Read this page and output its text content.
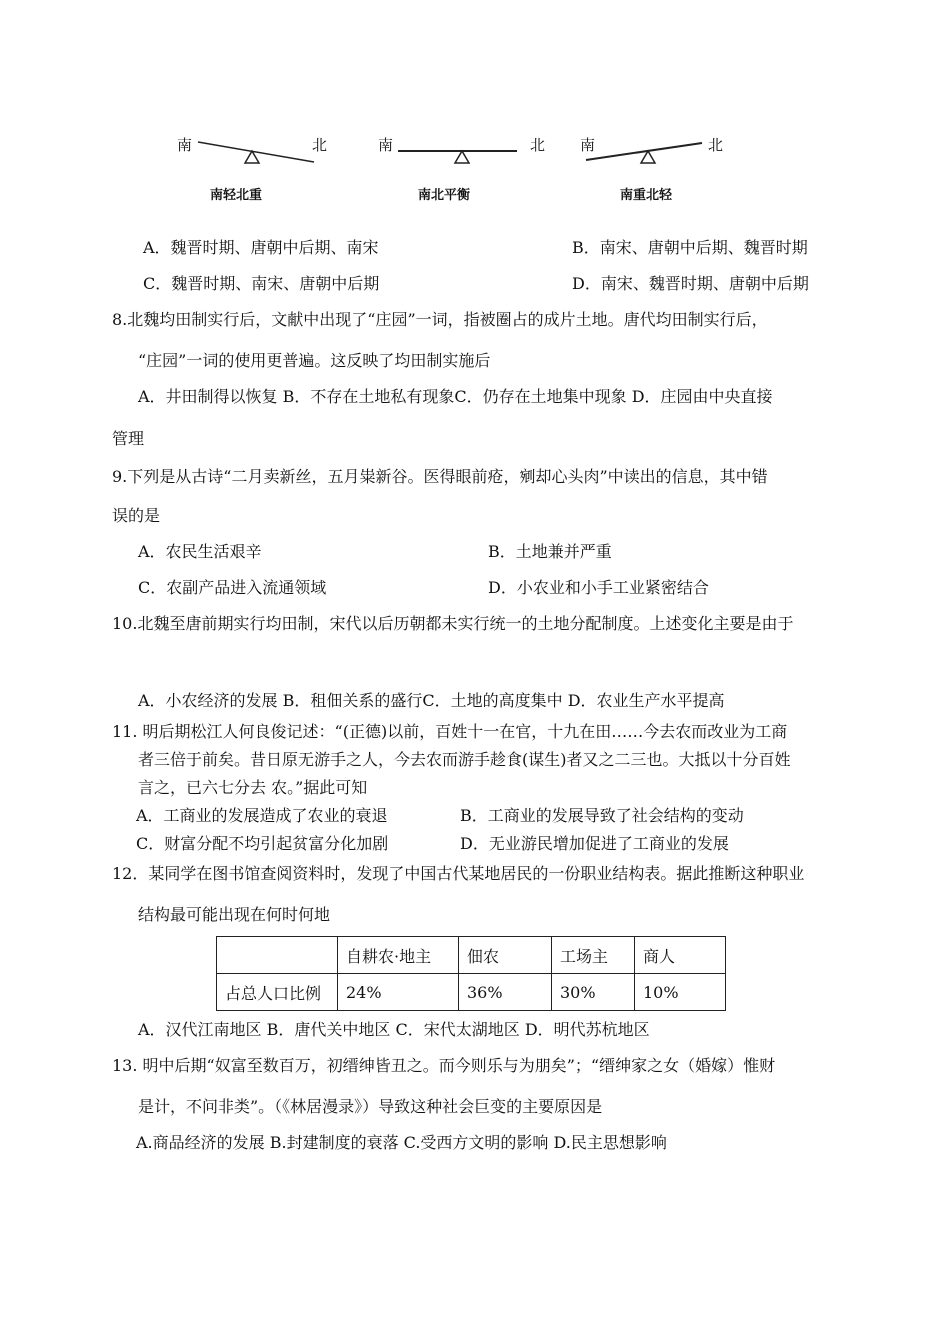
南	北
南轻北重
南	北
南北平衡
南	北
南重北轻
A．魏晋时期、唐朝中后期、南宋	B．南宋、唐朝中后期、魏晋时期
C．魏晋时期、南宋、唐朝中后期	D．南宋、魏晋时期、唐朝中后期
8.北魏均田制实行后，文献中出现了“庄园”一词，指被圈占的成片土地。唐代均田制实行后，
“庄园”一词的使用更普遍。这反映了均田制实施后
A．井田制得以恢复 B．不存在土地私有现象C．仍存在土地集中现象 D．庄园由中央直接
管理
9.下列是从古诗“二月卖新丝，五月粜新谷。医得眼前疮，剜却心头肉”中读出的信息，其中错
误的是
A．农民生活艰辛	B．土地兼并严重
C．农副产品进入流通领域	D．小农业和小手工业紧密结合
10.北魏至唐前期实行均田制，宋代以后历朝都未实行统一的土地分配制度。上述变化主要是由于
A．小农经济的发展 B．租佃关系的盛行C．土地的高度集中 D．农业生产水平提高
11. 明后期松江人何良俊记述：“(正德)以前，百姓十一在官，十九在田……今去农而改业为工商
者三倍于前矣。昔日原无游手之人，今去农而游手趁食(谋生)者又之二三也。大抵以十分百姓
言之，已六七分去 农。”据此可知
A．工商业的发展造成了农业的衰退	B．工商业的发展导致了社会结构的变动
C．财富分配不均引起贫富分化加剧	D．无业游民增加促进了工商业的发展
12．某同学在图书馆查阅资料时，发现了中国古代某地居民的一份职业结构表。据此推断这种职业
结构最可能出现在何时何地
	自耕农·地主	佃农	工场主	商人
占总人口比例	24%	36%	30%	10%
A．汉代江南地区 B．唐代关中地区 C．宋代太湖地区 D．明代苏杭地区
13. 明中后期“奴富至数百万，初缙绅皆丑之。而今则乐与为朋矣”；“缙绅家之女（婚嫁）惟财
是计，不问非类”。（《林居漫录》）导致这种社会巨变的主要原因是
A.商品经济的发展 B.封建制度的衰落 C.受西方文明的影响 D.民主思想影响
